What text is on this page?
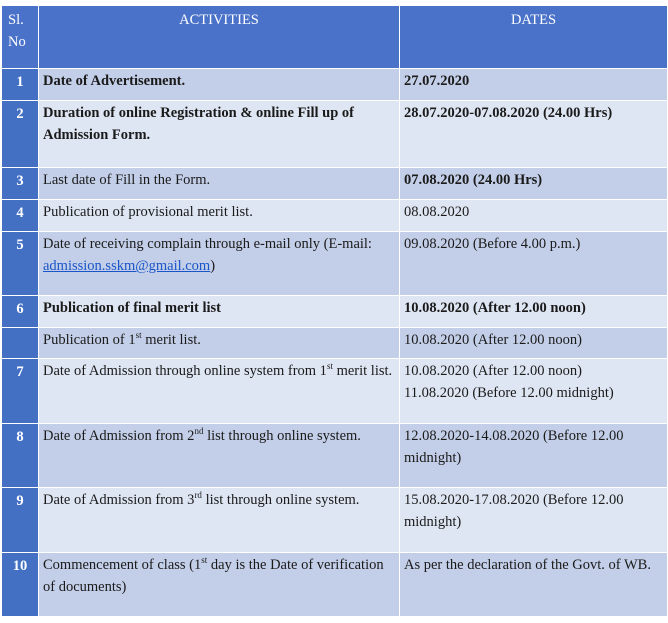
Sl.
No	ACTIVITIES	DATES
1	Date of Advertisement.	27.07.2020
2	Duration of online Registration & online Fill up of Admission Form.	28.07.2020-07.08.2020 (24.00 Hrs)
3	Last date of Fill in the Form.	07.08.2020 (24.00 Hrs)
4	Publication of provisional merit list.	08.08.2020
5	Date of receiving complain through e-mail only (E-mail: admission.sskm@gmail.com)	09.08.2020 (Before 4.00 p.m.)
6	Publication of final merit list	10.08.2020 (After 12.00 noon)
	Publication of 1st merit list.	10.08.2020 (After 12.00 noon)
7	Date of Admission through online system from 1st merit list.	10.08.2020 (After 12.00 noon)
11.08.2020 (Before 12.00 midnight)
8	Date of Admission from 2nd list through online system.	12.08.2020-14.08.2020 (Before 12.00 midnight)
9	Date of Admission from 3rd list through online system.	15.08.2020-17.08.2020 (Before 12.00 midnight)
10	Commencement of class (1st day is the Date of verification of documents)	As per the declaration of the Govt. of WB.
